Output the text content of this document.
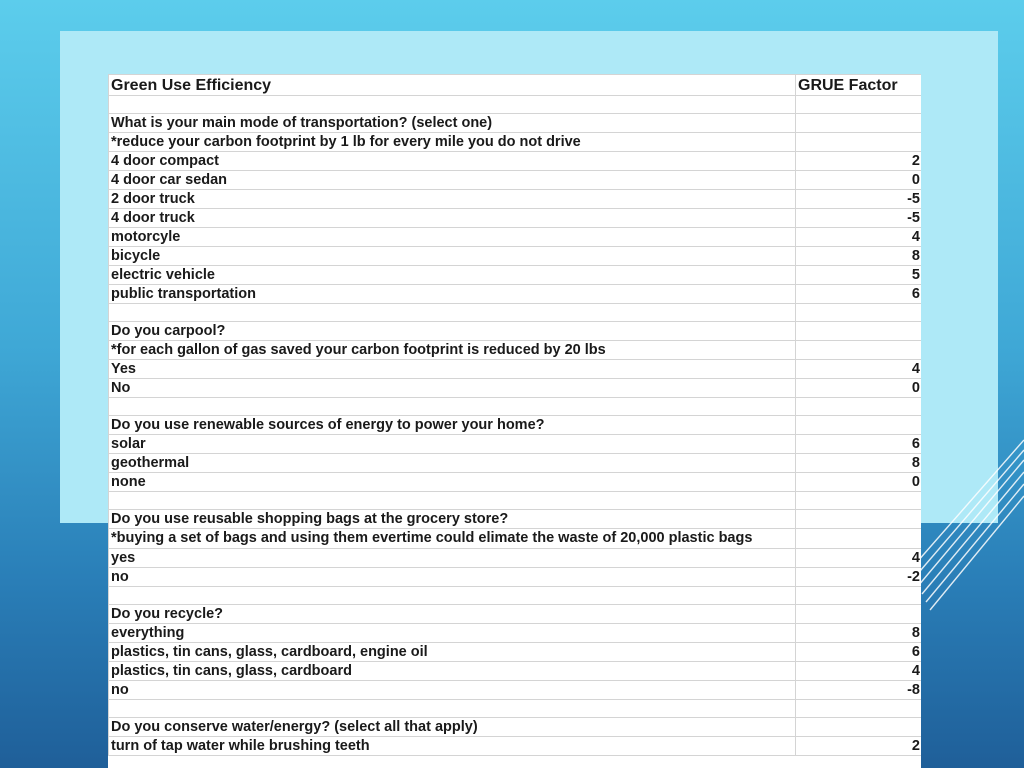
Green Use Efficiency	GRUE Factor

What is your main mode of transportation? (select one)	
*reduce your carbon footprint by 1 lb for every mile you do not drive	
4 door compact	2
4 door car sedan	0
2 door truck	-5
4 door truck	-5
motorcyle	4
bicycle	8
electric vehicle	5
public transportation	6

Do you carpool?	
*for each gallon of gas saved your carbon footprint is reduced by 20 lbs	
Yes	4
No	0

Do you use renewable sources of energy to power your home?	
solar	6
geothermal	8
none	0

Do you use reusable shopping bags at the grocery store?	
*buying a set of bags and using them evertime could elimate the waste of 20,000 plastic bags	
yes	4
no	-2

Do you recycle?	
everything	8
plastics, tin cans, glass, cardboard, engine oil	6
plastics, tin cans, glass, cardboard	4
no	-8

Do you conserve water/energy? (select all that apply)	
turn of tap water while brushing teeth	2
